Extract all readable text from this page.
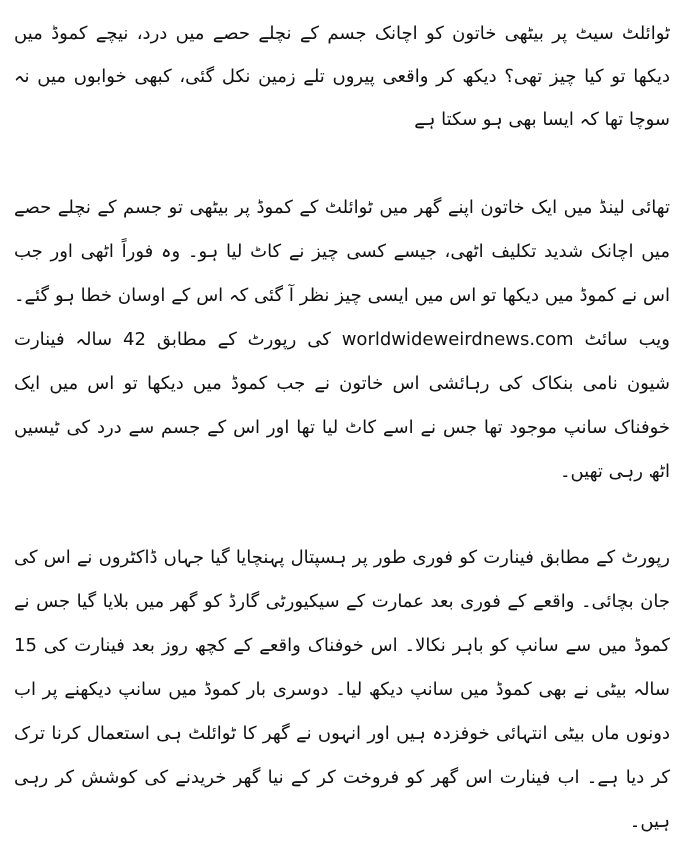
ٹوائلٹ سیٹ پر بیٹھی خاتون کو اچانک جسم کے نچلے حصے میں درد، نیچے کموڈ میں دیکھا تو کیا چیز تھی؟ دیکھ کر واقعی پیروں تلے زمین نکل گئی، کبھی خوابوں میں نہ سوچا تھا کہ ایسا بھی ہو سکتا ہے

تھائی لینڈ میں ایک خاتون اپنے گھر میں ٹوائلٹ کے کموڈ پر بیٹھی تو جسم کے نچلے حصے میں اچانک شدید تکلیف اٹھی، جیسے کسی چیز نے کاٹ لیا ہو۔ وہ فوراً اٹھی اور جب اس نے کموڈ میں دیکھا تو اس میں ایسی چیز نظر آ گئی کہ اس کے اوسان خطا ہو گئے۔ ویب سائٹ worldwideweirdnews.com کی رپورٹ کے مطابق 42 سالہ فینارت شیون نامی بنکاک کی رہائشی اس خاتون نے جب کموڈ میں دیکھا تو اس میں ایک خوفناک سانپ موجود تھا جس نے اسے کاٹ لیا تھا اور اس کے جسم سے درد کی ٹیسیں اٹھ رہی تھیں۔

رپورٹ کے مطابق فینارت کو فوری طور پر ہسپتال پہنچایا گیا جہاں ڈاکٹروں نے اس کی جان بچائی۔ واقعے کے فوری بعد عمارت کے سیکیورٹی گارڈ کو گھر میں بلایا گیا جس نے کموڈ میں سے سانپ کو باہر نکالا۔ اس خوفناک واقعے کے کچھ روز بعد فینارت کی 15 سالہ بیٹی نے بھی کموڈ میں سانپ دیکھ لیا۔ دوسری بار کموڈ میں سانپ دیکھنے پر اب دونوں ماں بیٹی انتہائی خوفزدہ ہیں اور انہوں نے گھر کا ٹوائلٹ ہی استعمال کرنا ترک کر دیا ہے۔ اب فینارت اس گھر کو فروخت کر کے نیا گھر خریدنے کی کوشش کر رہی ہیں۔
